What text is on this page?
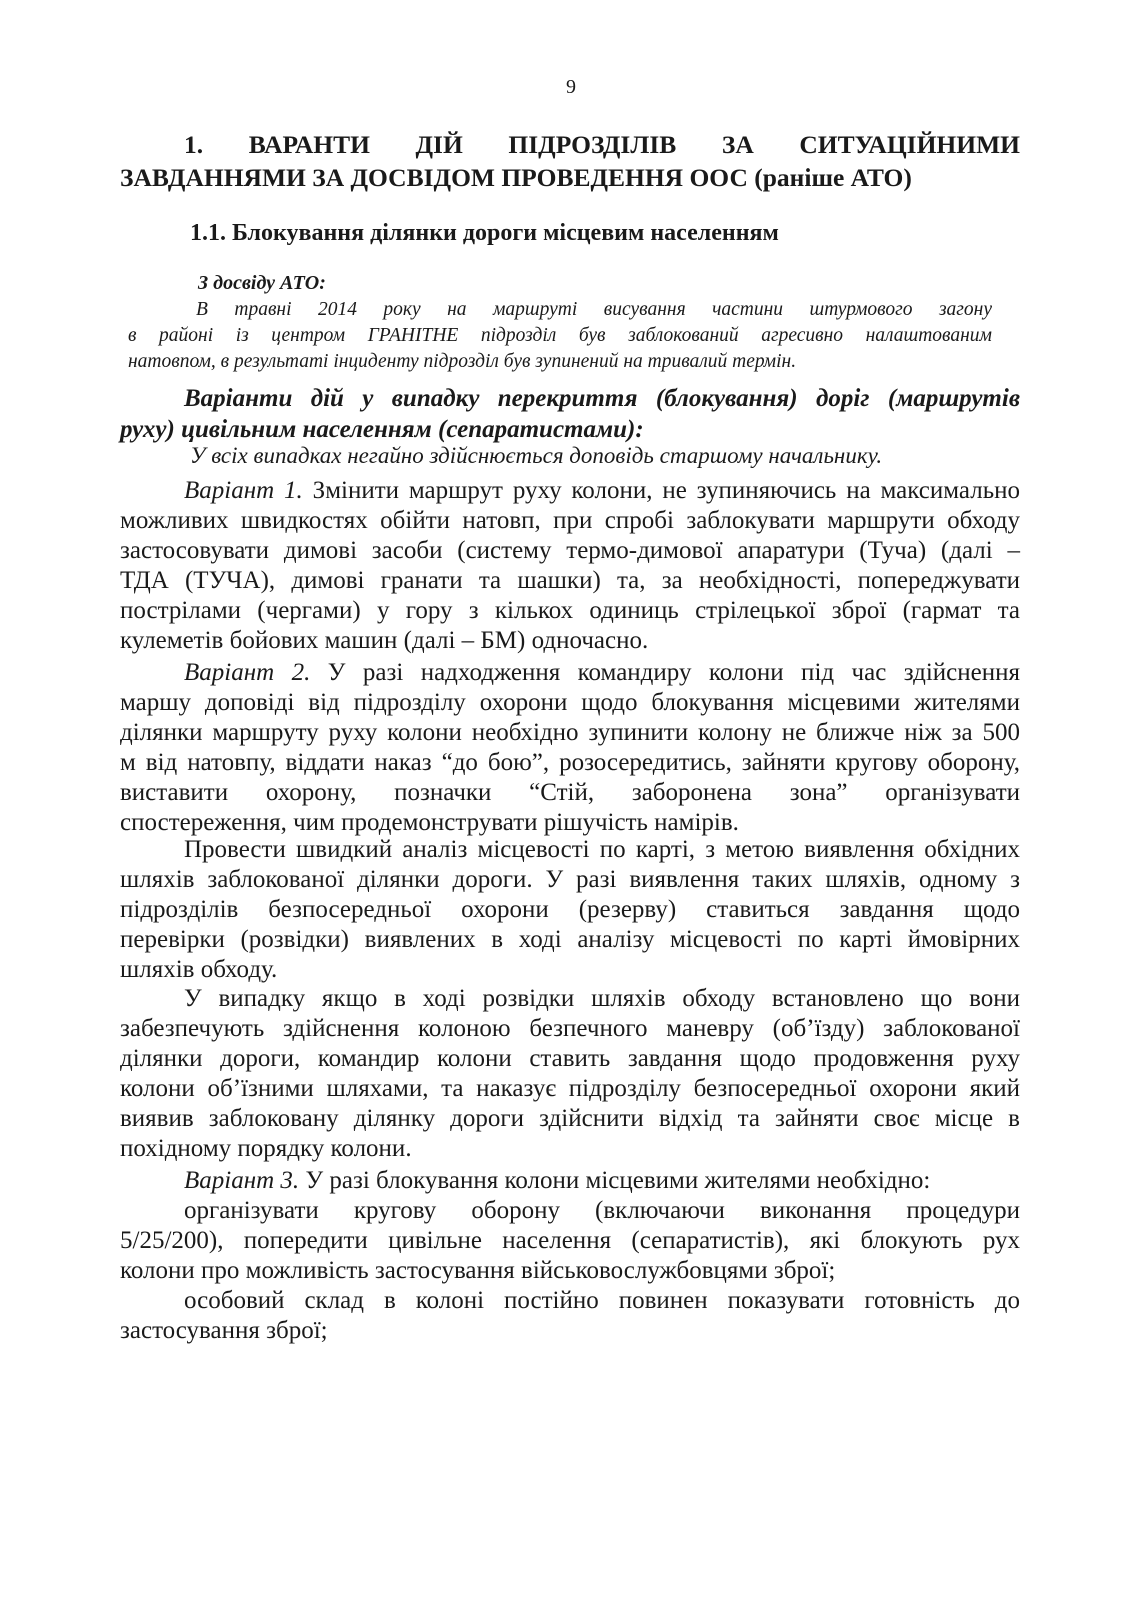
9
1. ВАРАНТИ ДІЙ ПІДРОЗДІЛІВ ЗА СИТУАЦІЙНИМИ
ЗАВДАННЯМИ ЗА ДОСВІДОМ ПРОВЕДЕННЯ ООС (раніше АТО)
1.1. Блокування ділянки дороги місцевим населенням
З досвіду АТО:
В травні 2014 року на маршруті висування частини штурмового загону
в районі із центром ГРАНІТНЕ підрозділ був заблокований агресивно налаштованим
натовпом, в результаті інциденту підрозділ був зупинений на тривалий термін.
Варіанти дій у випадку перекриття (блокування) доріг (маршрутів
руху) цивільним населенням (сепаратистами):
У всіх випадках негайно здійснюється доповідь старшому начальнику.
Варіант 1. Змінити маршрут руху колони, не зупиняючись на максимально
можливих швидкостях обійти натовп, при спробі заблокувати маршрути обходу
застосовувати димові засоби (систему термо-димової апаратури (Туча) (далі –
ТДА (ТУЧА), димові гранати та шашки) та, за необхідності, попереджувати
пострілами (чергами) у гору з кількох одиниць стрілецької зброї (гармат та
кулеметів бойових машин (далі – БМ) одночасно.
Варіант 2. У разі надходження командиру колони під час здійснення
маршу доповіді від підрозділу охорони щодо блокування місцевими жителями
ділянки маршруту руху колони необхідно зупинити колону не ближче ніж за 500
м від натовпу, віддати наказ “до бою”, розосередитись, зайняти кругову оборону,
виставити охорону, позначки “Стій, заборонена зона” організувати
спостереження, чим продемонструвати рішучість намірів.
Провести швидкий аналіз місцевості по карті, з метою виявлення обхідних
шляхів заблокованої ділянки дороги. У разі виявлення таких шляхів, одному з
підрозділів безпосередньої охорони (резерву) ставиться завдання щодо
перевірки (розвідки) виявлених в ході аналізу місцевості по карті ймовірних
шляхів обходу.
У випадку якщо в ході розвідки шляхів обходу встановлено що вони
забезпечують здійснення колоною безпечного маневру (об’їзду) заблокованої
ділянки дороги, командир колони ставить завдання щодо продовження руху
колони об’їзними шляхами, та наказує підрозділу безпосередньої охорони який
виявив заблоковану ділянку дороги здійснити відхід та зайняти своє місце в
похідному порядку колони.
Варіант 3. У разі блокування колони місцевими жителями необхідно:
організувати кругову оборону (включаючи виконання процедури
5/25/200), попередити цивільне населення (сепаратистів), які блокують рух
колони про можливість застосування військовослужбовцями зброї;
особовий склад в колоні постійно повинен показувати готовність до
застосування зброї;
